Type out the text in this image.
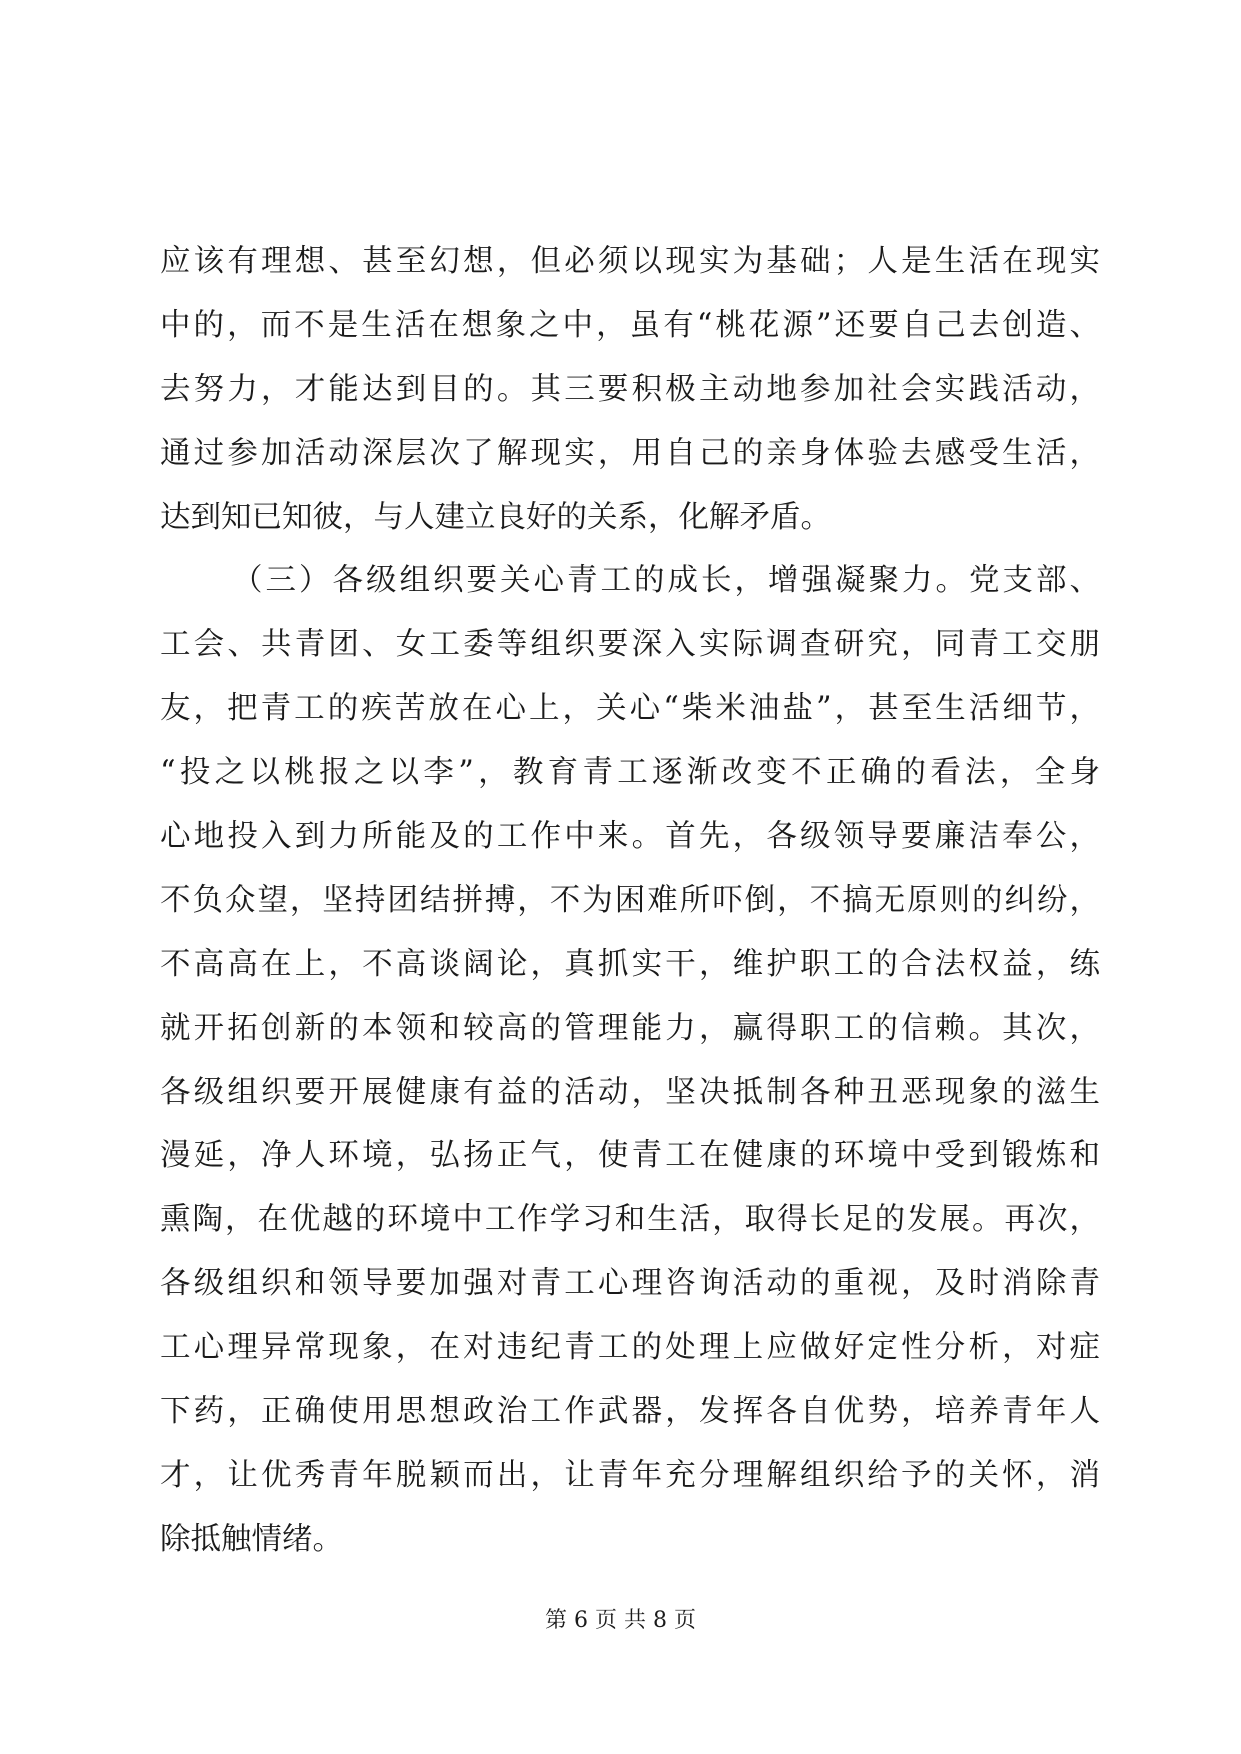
应该有理想、甚至幻想，但必须以现实为基础；人是生活在现实
中的，而不是生活在想象之中，虽有“桃花源”还要自己去创造、
去努力，才能达到目的。其三要积极主动地参加社会实践活动，
通过参加活动深层次了解现实，用自己的亲身体验去感受生活，
达到知已知彼，与人建立良好的关系，化解矛盾。
（三）各级组织要关心青工的成长，增强凝聚力。党支部、
工会、共青团、女工委等组织要深入实际调查研究，同青工交朋
友，把青工的疾苦放在心上，关心“柴米油盐”，甚至生活细节，
“投之以桃报之以李”，教育青工逐渐改变不正确的看法，全身
心地投入到力所能及的工作中来。首先，各级领导要廉洁奉公，
不负众望，坚持团结拼搏，不为困难所吓倒，不搞无原则的纠纷，
不高高在上，不高谈阔论，真抓实干，维护职工的合法权益，练
就开拓创新的本领和较高的管理能力，赢得职工的信赖。其次，
各级组织要开展健康有益的活动，坚决抵制各种丑恶现象的滋生
漫延，净人环境，弘扬正气，使青工在健康的环境中受到锻炼和
熏陶，在优越的环境中工作学习和生活，取得长足的发展。再次，
各级组织和领导要加强对青工心理咨询活动的重视，及时消除青
工心理异常现象，在对违纪青工的处理上应做好定性分析，对症
下药，正确使用思想政治工作武器，发挥各自优势，培养青年人
才，让优秀青年脱颖而出，让青年充分理解组织给予的关怀，消
除抵触情绪。
第 6 页 共 8 页
